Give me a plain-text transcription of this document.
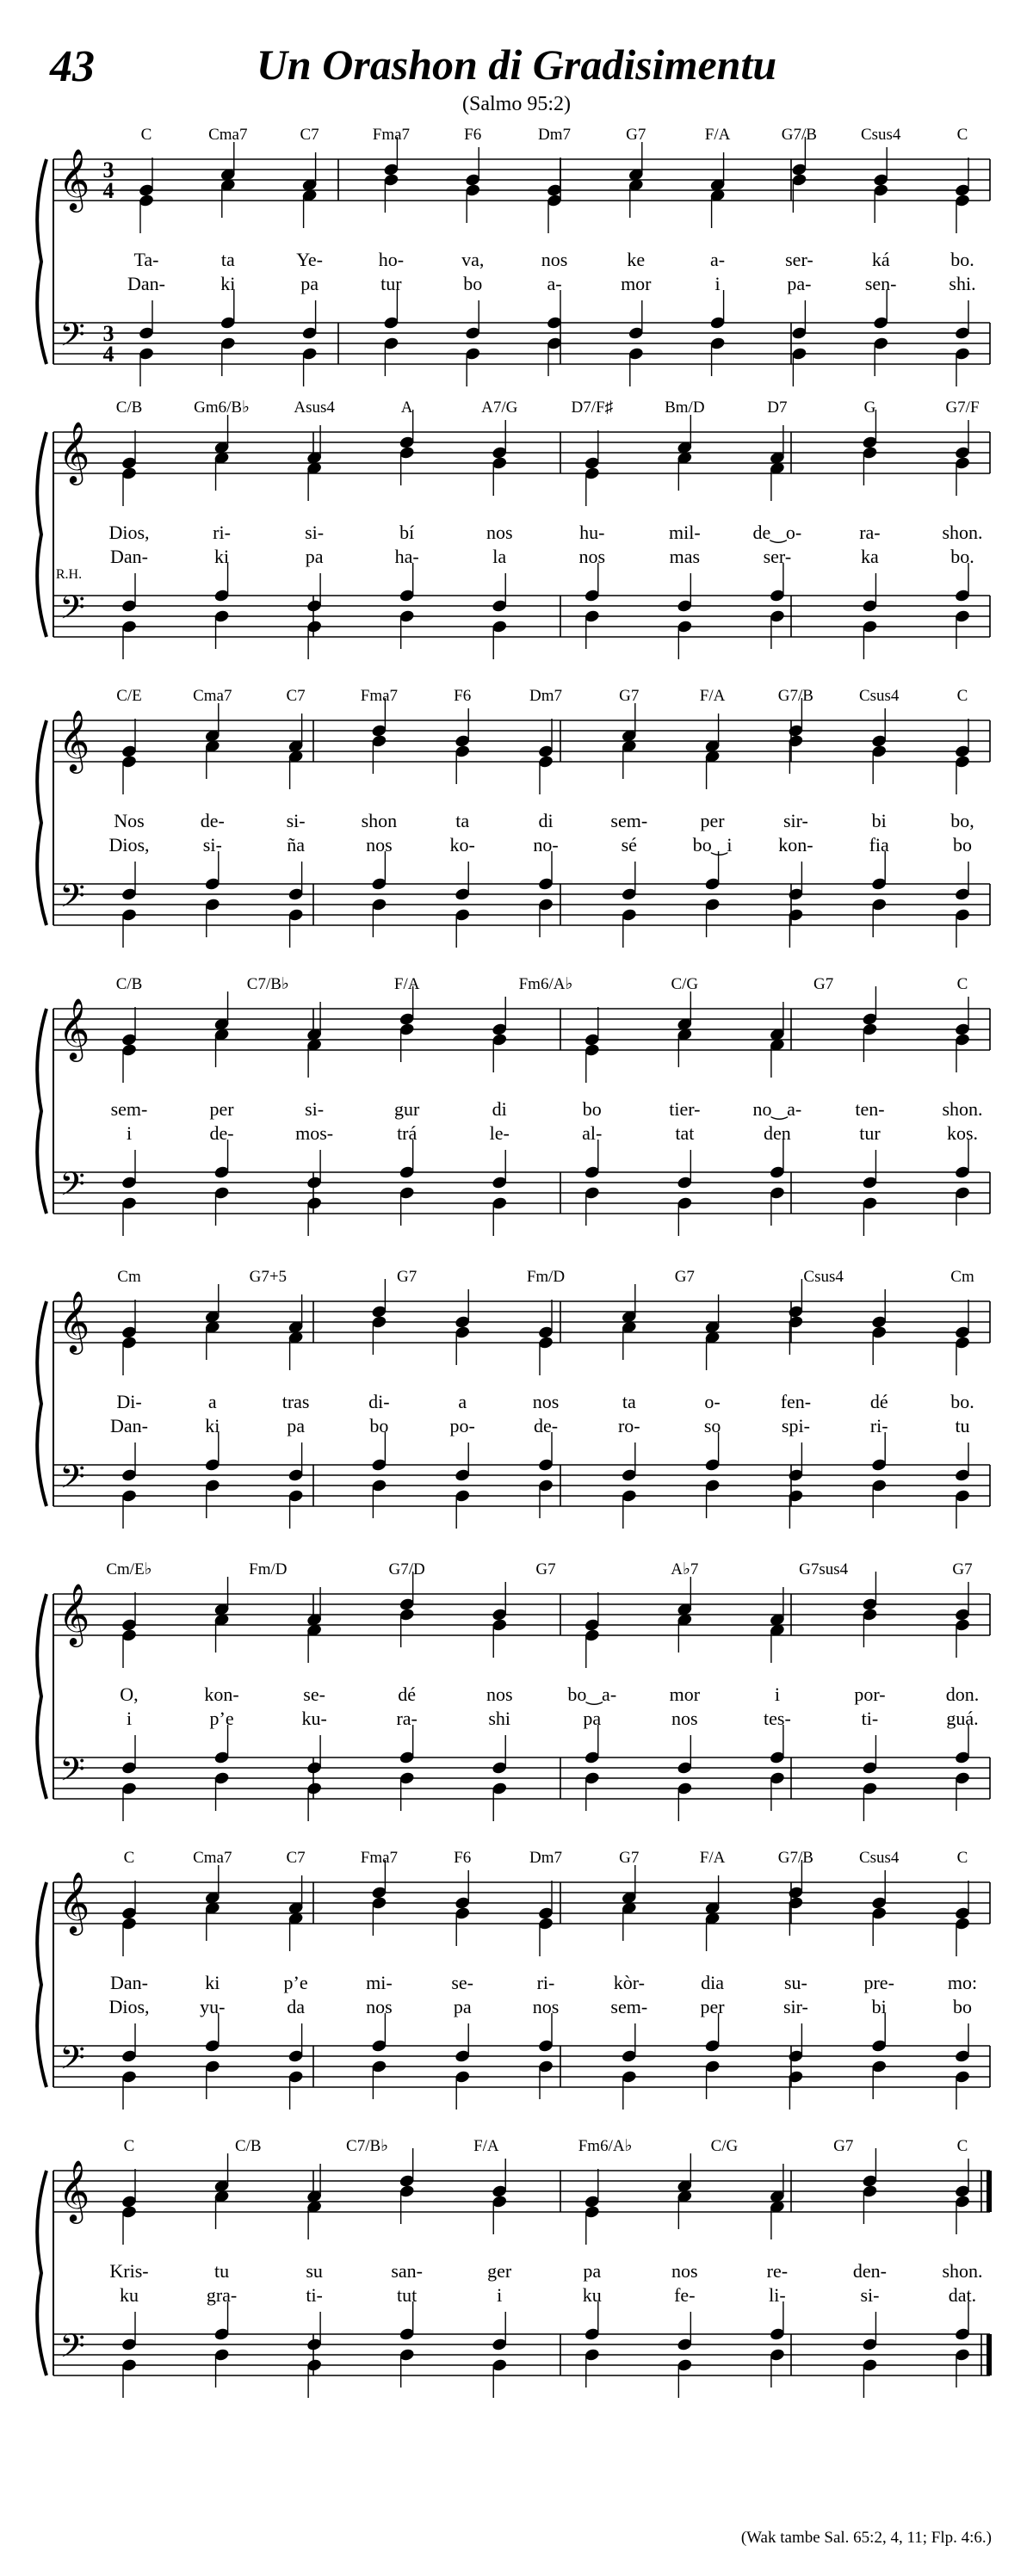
43	Un Orashon di Gradisimentu
(Salmo 95:2)
𝄞
𝄢
3
4
3
4
C	Cma7	C7	Fma7	F6	Dm7	G7	F/A	G7/B	Csus4	C
Ta-	ta	Ye-	ho-	va,	nos	ke	a-	ser-	ká	bo.
Dan-	ki	pa	tur	bo	a-	mor	i	pa-	sen-	shi.
𝄞
𝄢
C/B	Gm6/B♭	Asus4	A	A7/G	D7/F♯	Bm/D	D7	G	G7/F
Dios,	ri-	si-	bí	nos	hu-	mil-	de‿o-	ra-	shon.
Dan-	ki	pa	ha-	la	nos	mas	ser-	ka	bo.
R.H.
𝄞
𝄢
C/E	Cma7	C7	Fma7	F6	Dm7	G7	F/A	G7/B	Csus4	C
Nos	de-	si-	shon	ta	di	sem-	per	sir-	bi	bo,
Dios,	si-	ña	nos	ko-	no-	sé	bo‿i kon-	fia	bo
𝄞
𝄢
C/B	C7/B♭	F/A	Fm6/A♭	C/G	G7	C
sem-	per	si-	gur	di	bo	tier-	no‿a-	ten-	shon.
i	de-	mos-	trá	le-	al-	tat	den	tur	kos.
𝄞
𝄢
Cm	G7+5	G7	Fm/D	G7	Csus4	Cm
Di-	a	tras	di-	a	nos	ta	o-	fen-	dé	bo.
Dan-	ki	pa	bo	po-	de-	ro-	so	spi-	ri-	tu
𝄞
𝄢
Cm/E♭	Fm/D	G7/D	G7	A♭7	G7sus4	G7
O,	kon-	se-	dé	nos	bo‿a-	mor	i	por-	don.
i	p’e	ku-	ra-	shi	pa	nos	tes-	ti-	guá.
𝄞
𝄢
C	Cma7	C7	Fma7	F6	Dm7	G7	F/A	G7/B	Csus4	C
Dan-	ki	p’e	mi-	se-	ri-	kòr-	dia	su-	pre-	mo:
Dios,	yu-	da	nos	pa	nos	sem-	per	sir-	bi	bo
𝄞
𝄢
C	C/B	C7/B♭	F/A	Fm6/A♭	C/G	G7	C
Kris-	tu	su	san-	ger	pa	nos	re-	den-	shon.
ku	gra-	ti-	tut	i	ku	fe-	li-	si-	dat.
(Wak tambe Sal. 65:2, 4, 11; Flp. 4:6.)
